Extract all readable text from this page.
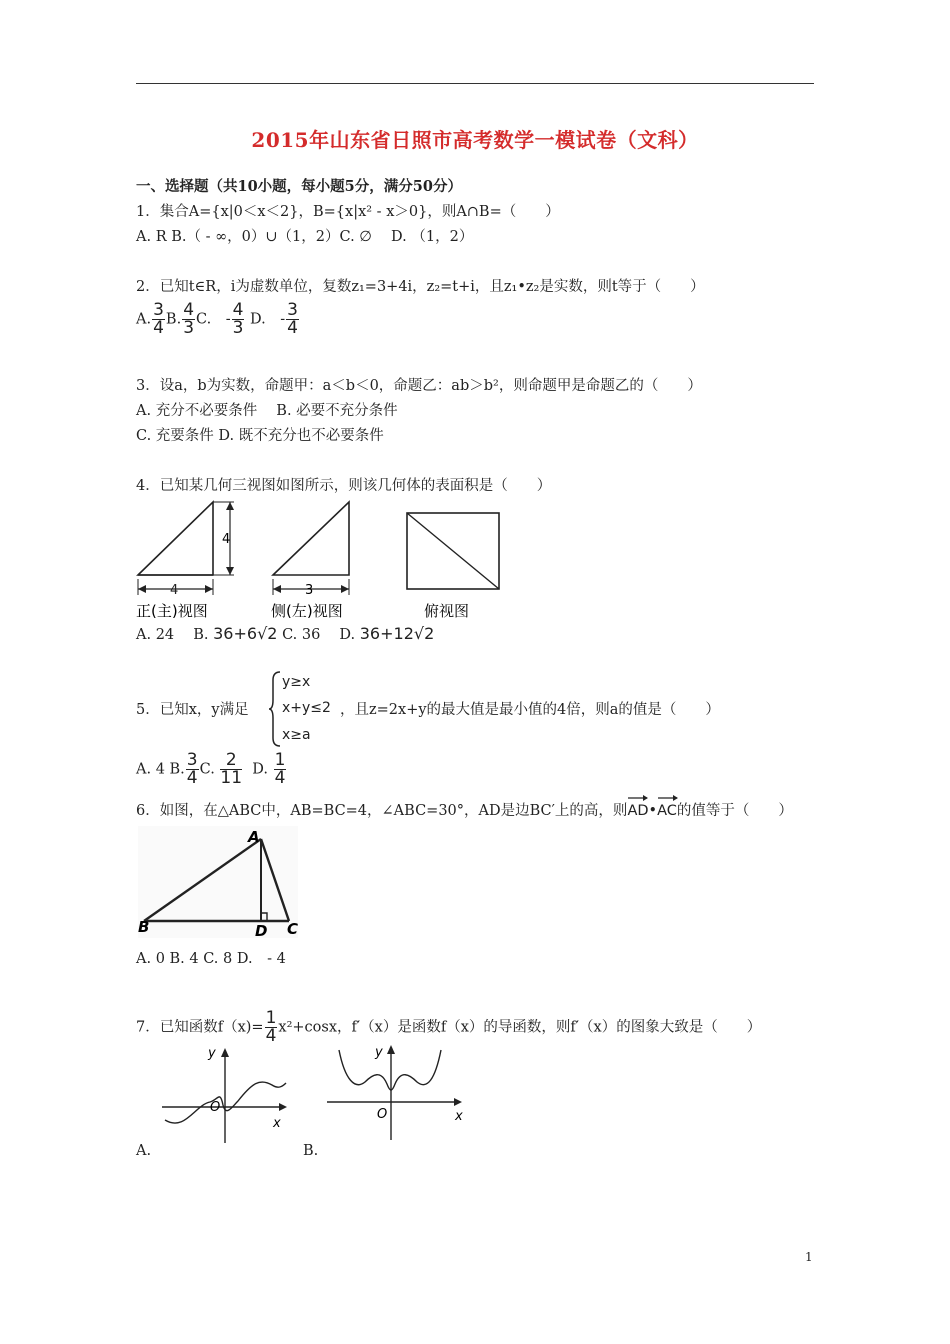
2015年山东省日照市高考数学一模试卷（文科）
一、选择题（共10小题，每小题5分，满分50分）
1．集合A={x|0＜x＜2}，B={x|x² - x＞0}，则A∩B=（　　）
A. R B.（ - ∞，0）∪（1，2）C. ∅　 D. （1，2）
2．已知t∈R，i为虚数单位，复数z₁=3+4i，z₂=t+i，且z₁•z₂是实数，则t等于（　　）
A. $\frac{3}{4} B$. $\frac{4}{3} C$.　- $\frac{4}{3} D$.　- $\frac{3}{4}$
3．设a，b为实数，命题甲：a＜b＜0，命题乙：ab＞b²，则命题甲是命题乙的（　　）
A. 充分不必要条件　 B. 必要不充分条件
C. 充要条件 D. 既不充分也不必要条件
4．已知某几何三视图如图所示，则该几何体的表面积是（　　）
4
4
正(主)视图
3
侧(左)视图	俯视图
A. 24　 B. 36+6√2 C. 36　 D. 36+12√2
y≥x
x+y≤2
x≥a
5．已知x，y满足	，且z=2x+y的最大值是最小值的4倍，则a的值是（　　）
A. 4 B. $\frac{3}{4} C$. $\frac{2}{11} D$. $\frac{1}{4}$
6．如图，在△ABC中，AB=BC=4，∠ABC=30°，AD是边BC′上的高，则
AD•
AC的值等于（　　）
A
B	C
D
A. 0 B. 4 C. 8 D.　- 4
7．已知函数$f(x)= \frac{1}{4} x^2+\cos x$，f′（x）是函数f（x）的导函数，则f′（x）的图象大致是（　　）
y
x
O
y
x
O
A.	B.
1
